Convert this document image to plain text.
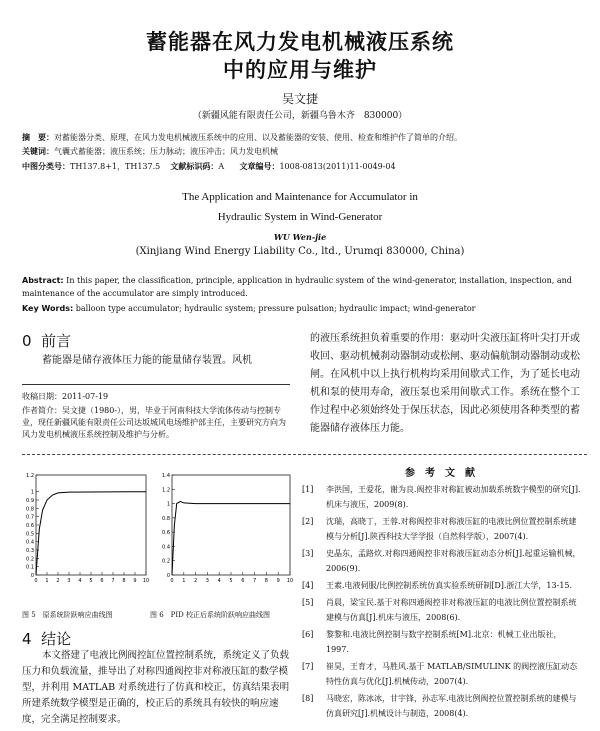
蓄能器在风力发电机械液压系统
中的应用与维护
吴文捷
（新疆风能有限责任公司，新疆乌鲁木齐　830000）
摘　要：对蓄能器分类、原理，在风力发电机械液压系统中的应用、以及蓄能器的安装、使用、检查和维护作了简单的介绍。
关键词：气囊式蓄能器；液压系统；压力脉动；液压冲击；风力发电机械
中图分类号：TH137.8+1，TH137.5 文献标识码：A 文章编号：1008-0813(2011)11-0049-04
The Application and Maintenance for Accumulator in
Hydraulic System in Wind-Generator
WU Wen-jie
(Xinjiang Wind Energy Liability Co., ltd., Urumqi 830000, China)
Abstract: In this paper, the classification, principle, application in hydraulic system of the wind-generator, installation, inspection, and maintenance of the accumulator are simply introduced.
Key Words: balloon type accumulator; hydraulic system; pressure pulsation; hydraulic impact; wind-generator
0 前言
蓄能器是储存液体压力能的能量储存装置。风机
的液压系统担负着重要的作用：驱动叶尖液压缸将叶尖打开或收回、驱动机械刹动器制动或松闸、驱动偏航制动器制动或松闸。在风机中以上执行机构均采用间歇式工作，为了延长电动机和泵的使用寿命，液压泵也采用间歇式工作。系统在整个工作过程中必须始终处于保压状态，因此必须使用各种类型的蓄能器储存液体压力能。
收稿日期：2011-07-19
作者简介：吴文捷（1980-），男，毕业于河南科技大学流体传动与控制专业，现任新疆风能有限责任公司达坂城风电场维护部主任，主要研究方向为风力发电机械液压系统控制及维护与分析。
1.2
1
0.9
0.8
0.7
0.6
0.5
0.4
0.3
0.2
0.1
0
0 1 2 3 4 5 6 7 8 9 10
1.4
1.2
1
0.8
0.6
0.4
0.2
0
0 1 2 3 4 5 6 7 8 9 10
图 5　原系统阶跃响应曲线图	图 6　PID 校正后系统阶跃响应曲线图
4 结论
本文搭建了电液比例阀控缸位置控制系统，系统定义了负载压力和负载流量，推导出了对称四通阀控非对称液压缸的数学模型，并利用 MATLAB 对系统进行了仿真和校正，仿真结果表明所建系统数学模型是正确的，校正后的系统具有较快的响应速度，完全满足控制要求。
参　考　文　献
[1]	李洪国，王爱花，谢为良.阀控非对称缸被动加载系统数字模型的研究[J].机床与液压，2009(8).
[2]	沈瑞，高晓丁，王蓉.对称阀控非对称液压缸的电液比例位置控制系统建模与分析[J].陕西科技大学学报（自然科学版），2007(4).
[3]	史晶东，孟路炊.对称四通阀控非对称液压缸动态分析[J].起重运输机械，2006(9).
[4]	王素.电液伺服/比例控制系统仿真实验系统研制[D].浙江大学，13-15.
[5]	肖晨，梁宝民.基于对称四通阀控非对称液压缸的电液比例位置控制系统建模与仿真[J].机床与液压，2008(6).
[6]	黎黎和.电液比例控制与数字控制系统[M].北京：机械工业出版社，1997.
[7]	崔昊，王育才，马胜风.基于 MATLAB/SIMULINK 的阀控液压缸动态特性仿真与优化[J].机械传动，2007(4).
[8]	马晓宏，陈冰冰，甘宇锋，孙志军.电液比例阀控位置控制系统的建模与仿真研究[J].机械设计与制造，2008(4).
